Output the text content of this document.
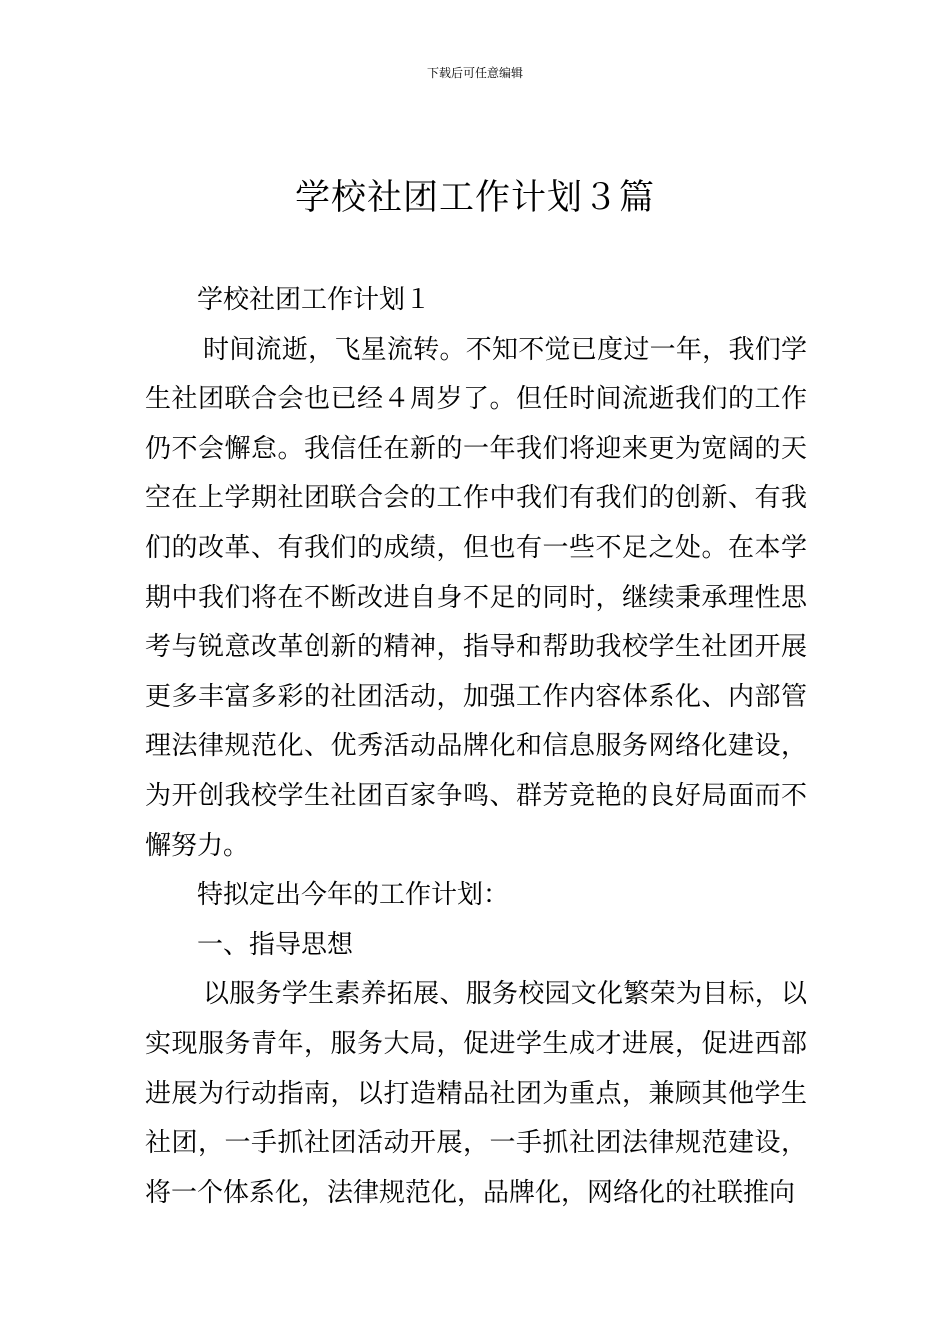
下载后可任意编辑
学校社团工作计划３篇

学校社团工作计划１

时间流逝，飞星流转。不知不觉已度过一年，我们学生社团联合会也已经４周岁了。但任时间流逝我们的工作仍不会懈怠。我信任在新的一年我们将迎来更为宽阔的天空在上学期社团联合会的工作中我们有我们的创新、有我们的改革、有我们的成绩，但也有一些不足之处。在本学期中我们将在不断改进自身不足的同时，继续秉承理性思考与锐意改革创新的精神，指导和帮助我校学生社团开展更多丰富多彩的社团活动，加强工作内容体系化、内部管理法律规范化、优秀活动品牌化和信息服务网络化建设，为开创我校学生社团百家争鸣、群芳竞艳的良好局面而不懈努力。

特拟定出今年的工作计划：

一、指导思想

以服务学生素养拓展、服务校园文化繁荣为目标，以实现服务青年，服务大局，促进学生成才进展，促进西部进展为行动指南，以打造精品社团为重点，兼顾其他学生社团，一手抓社团活动开展，一手抓社团法律规范建设，将一个体系化，法律规范化，品牌化，网络化的社联推向
